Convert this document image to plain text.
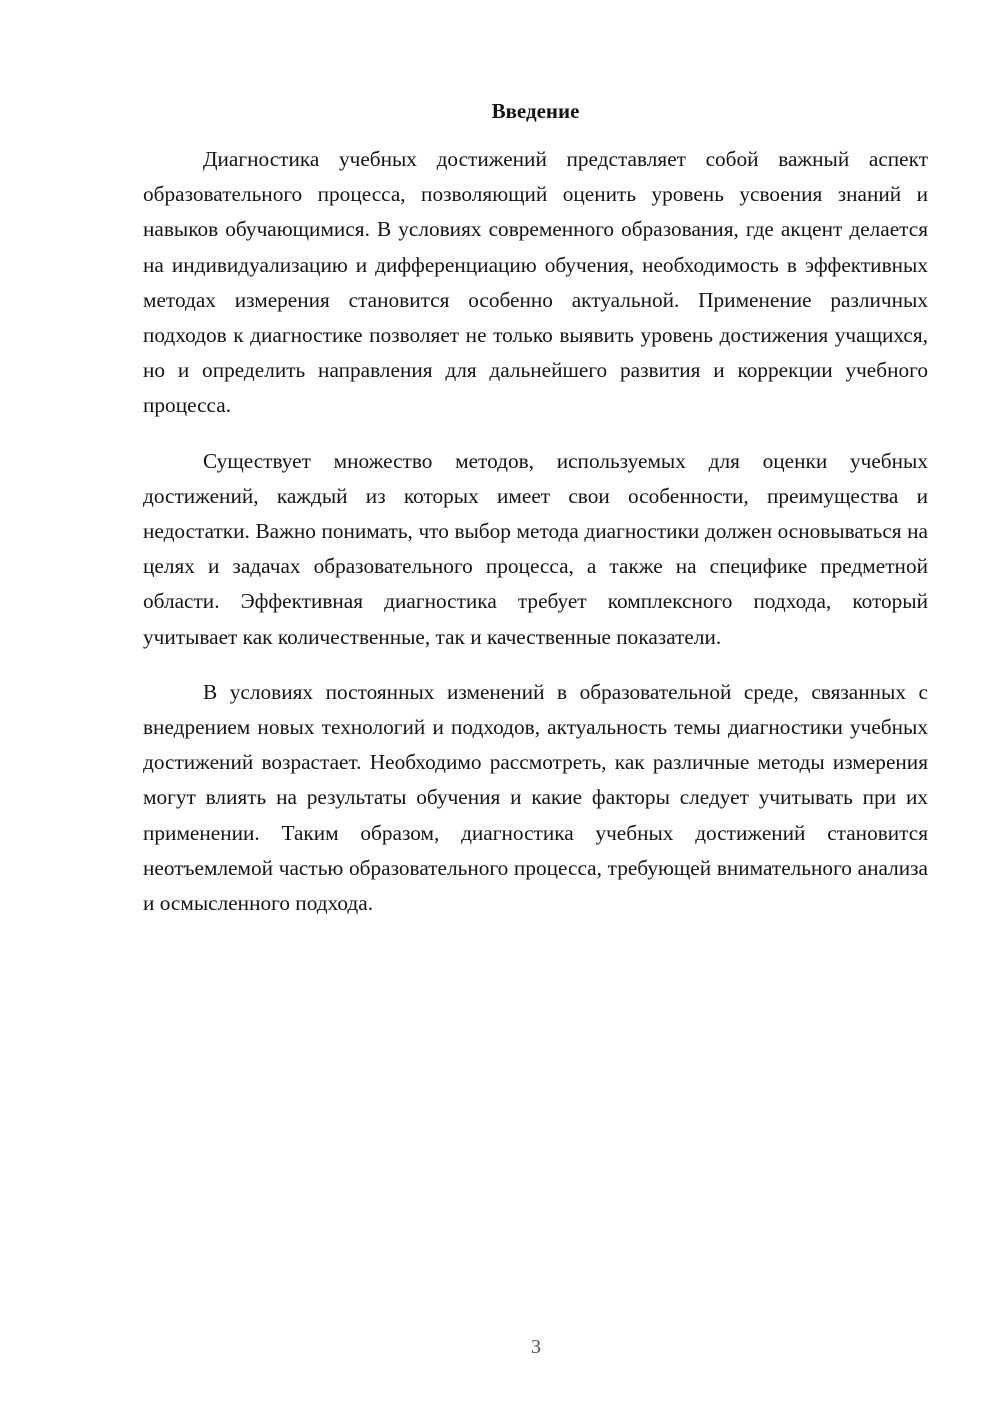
Введение

Диагностика учебных достижений представляет собой важный аспект образовательного процесса, позволяющий оценить уровень усвоения знаний и навыков обучающимися. В условиях современного образования, где акцент делается на индивидуализацию и дифференциацию обучения, необходимость в эффективных методах измерения становится особенно актуальной. Применение различных подходов к диагностике позволяет не только выявить уровень достижения учащихся, но и определить направления для дальнейшего развития и коррекции учебного процесса.

Существует множество методов, используемых для оценки учебных достижений, каждый из которых имеет свои особенности, преимущества и недостатки. Важно понимать, что выбор метода диагностики должен основываться на целях и задачах образовательного процесса, а также на специфике предметной области. Эффективная диагностика требует комплексного подхода, который учитывает как количественные, так и качественные показатели.

В условиях постоянных изменений в образовательной среде, связанных с внедрением новых технологий и подходов, актуальность темы диагностики учебных достижений возрастает. Необходимо рассмотреть, как различные методы измерения могут влиять на результаты обучения и какие факторы следует учитывать при их применении. Таким образом, диагностика учебных достижений становится неотъемлемой частью образовательного процесса, требующей внимательного анализа и осмысленного подхода.

3
